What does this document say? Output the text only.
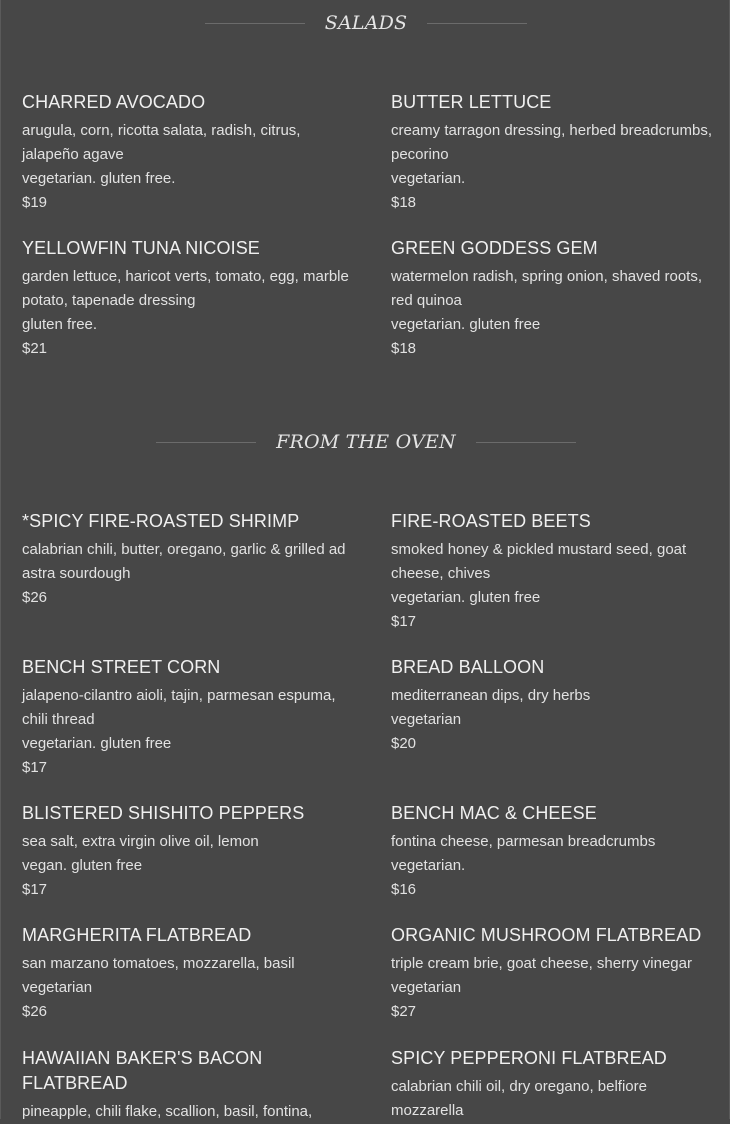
SALADS
CHARRED AVOCADO
arugula, corn, ricotta salata, radish, citrus, jalapeño agave
vegetarian. gluten free.
$19
BUTTER LETTUCE
creamy tarragon dressing, herbed breadcrumbs, pecorino
vegetarian.
$18
YELLOWFIN TUNA NICOISE
garden lettuce, haricot verts, tomato, egg, marble potato, tapenade dressing
gluten free.
$21
GREEN GODDESS GEM
watermelon radish, spring onion, shaved roots, red quinoa
vegetarian. gluten free
$18
FROM THE OVEN
*SPICY FIRE-ROASTED SHRIMP
calabrian chili, butter, oregano, garlic & grilled ad astra sourdough
$26
FIRE-ROASTED BEETS
smoked honey & pickled mustard seed, goat cheese, chives
vegetarian. gluten free
$17
BENCH STREET CORN
jalapeno-cilantro aioli, tajin, parmesan espuma, chili thread
vegetarian. gluten free
$17
BREAD BALLOON
mediterranean dips, dry herbs
vegetarian
$20
BLISTERED SHISHITO PEPPERS
sea salt, extra virgin olive oil, lemon
vegan. gluten free
$17
BENCH MAC & CHEESE
fontina cheese, parmesan breadcrumbs
vegetarian.
$16
MARGHERITA FLATBREAD
san marzano tomatoes, mozzarella, basil
vegetarian
$26
ORGANIC MUSHROOM FLATBREAD
triple cream brie, goat cheese, sherry vinegar
vegetarian
$27
HAWAIIAN BAKER'S BACON FLATBREAD
pineapple, chili flake, scallion, basil, fontina,
SPICY PEPPERONI FLATBREAD
calabrian chili oil, dry oregano, belfiore mozzarella
